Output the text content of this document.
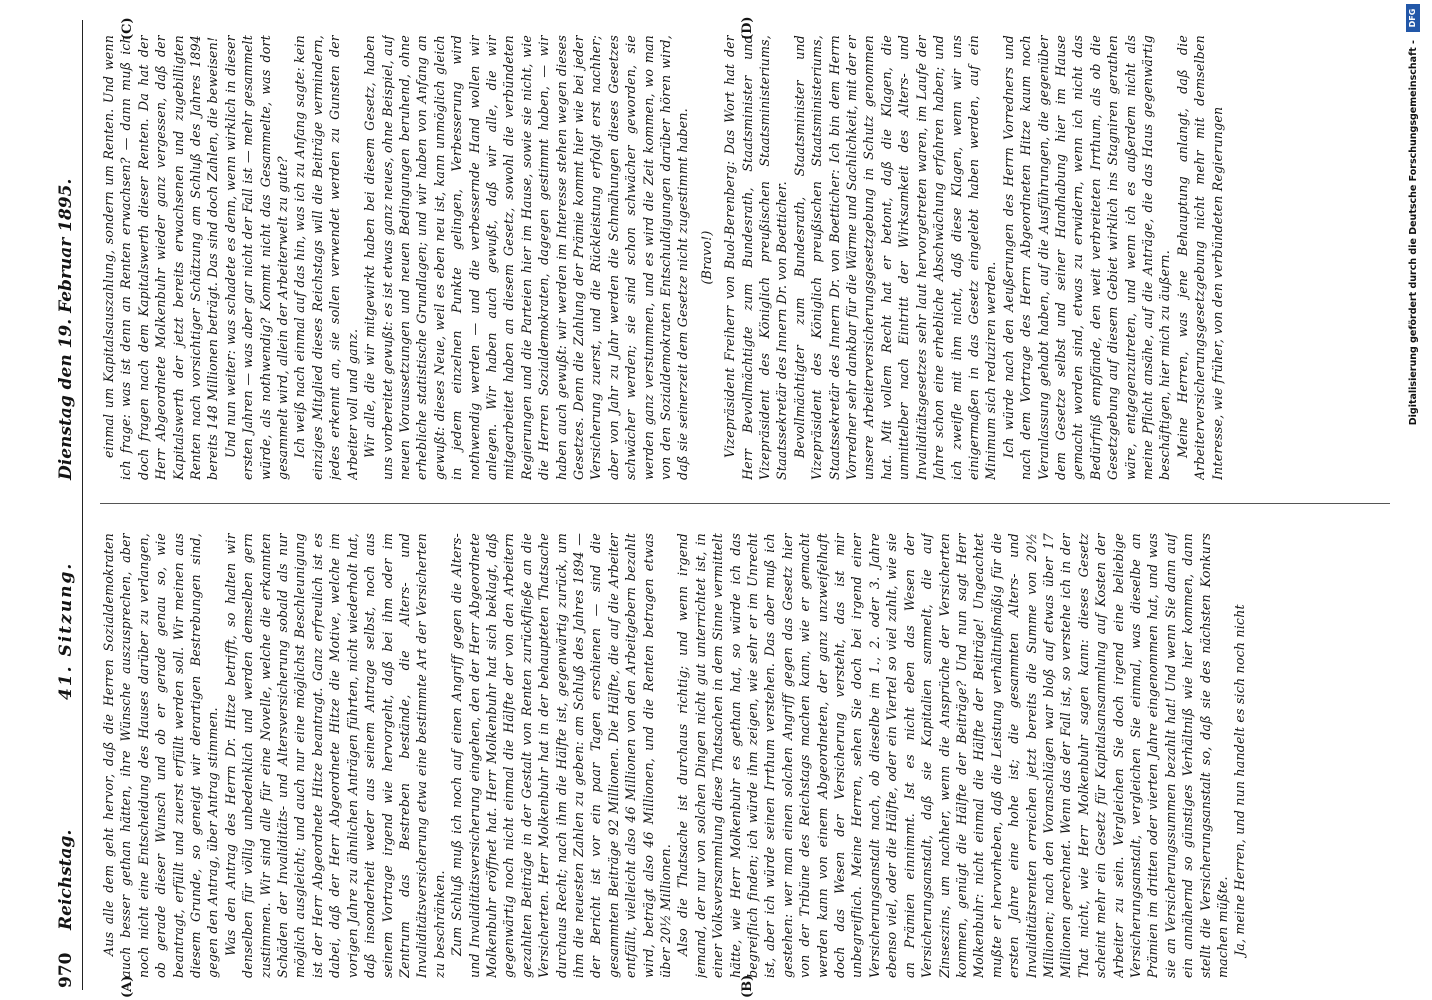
970
Reichstag.
41. Sitzung.
Dienstag den 19. Februar 1895.
(A)	(B)
(C)	(D)

Aus alle dem geht hervor, daß die Herren Sozialdemokraten auch besser gethan hätten, ihre Wünsche auszusprechen, aber noch nicht eine Entscheidung des Hauses darüber zu verlangen, ob gerade dieser Wunsch und ob er gerade genau so, wie beantragt, erfüllt und zuerst erfüllt werden soll. Wir meinen aus diesem Grunde, so geneigt wir derartigen Bestrebungen sind, gegen den Antrag, über Antrag stimmen. Was den Antrag des Herrn Dr. Hitze betrifft, so halten wir denselben für völlig unbedenklich und werden demselben gern zustimmen. Wir sind alle für eine Novelle, welche die erkannten Schäden der Invaliditäts- und Altersversicherung sobald als nur möglich ausgleicht; und auch nur eine möglichst Beschleunigung ist der Herr Abgeordnete Hitze beantragt. Ganz erfreulich ist es dabei, daß der Herr Abgeordnete Hitze die Motive, welche im vorigen Jahre zu ähnlichen Anträgen führten, nicht wiederholt hat, daß insonderheit weder aus seinem Antrage selbst, noch aus seinem Vortrage irgend wie hervorgeht, daß bei ihm oder im Zentrum das Bestreben bestände, die Alters- und Invaliditätsversicherung etwa eine bestimmte Art der Versicherten zu beschränken. Zum Schluß muß ich noch auf einen Angriff gegen die Alters- und Invaliditätsversicherung eingehen, den der Herr Abgeordnete Molkenbuhr eröffnet hat. Herr Molkenbuhr hat sich beklagt, daß gegenwärtig noch nicht einmal die Hälfte der von den Arbeitern gezahlten Beiträge in der Gestalt von Renten zurückfließe an die Versicherten. Herr Molkenbuhr hat in der behaupteten Thatsache durchaus Recht; nach ihm die Hälfte ist, gegenwärtig zurück, um ihm die neuesten Zahlen zu geben: am Schluß des Jahres 1894 — der Bericht ist vor ein paar Tagen erschienen — sind die gesammten Beiträge 92 Millionen. Die Hälfte, die auf die Arbeiter entfällt, vielleicht also 46 Millionen von den Arbeitgebern bezahlt wird, beträgt also 46 Millionen, und die Renten betragen etwas über 20½ Millionen. Also die Thatsache ist durchaus richtig; und wenn irgend jemand, der nur von solchen Dingen nicht gut unterrichtet ist, in einer Volksversammlung diese Thatsachen in dem Sinne vermittelt hätte, wie Herr Molkenbuhr es gethan hat, so würde ich das begreiflich finden; ich würde ihm zeigen, wie sehr er im Unrecht ist, aber ich würde seinen Irrthum verstehen. Das aber muß ich gestehen: wer man einen solchen Angriff gegen das Gesetz hier von der Tribüne des Reichstags machen kann, wie er gemacht werden kann von einem Abgeordneten, der ganz unzweifelhaft doch das Wesen der Versicherung versteht, das ist mir unbegreiflich. Meine Herren, sehen Sie doch bei irgend einer Versicherungsanstalt nach, ob dieselbe im 1., 2. oder 3. Jahre ebenso viel, oder die Hälfte, oder ein Viertel so viel zahlt, wie sie an Prämien einnimmt. Ist es nicht eben das Wesen der Versicherungsanstalt, daß sie Kapitalien sammelt, die auf Zinseszins, um nachher, wenn die Ansprüche der Versicherten kommen, genügt die Hälfte der Beiträge? Und nun sagt Herr Molkenbuhr: nicht einmal die Hälfte der Beiträge! Ungeachtet mußte er hervorheben, daß die Leistung verhältnißmäßig für die ersten Jahre eine hohe ist; die gesammten Alters- und Invaliditätsrenten erreichen jetzt bereits die Summe von 20½ Millionen; nach den Voranschlägen war bloß auf etwas über 17 Millionen gerechnet. Wenn das der Fall ist, so verstehe ich in der That nicht, wie Herr Molkenbuhr sagen kann: dieses Gesetz scheint mehr ein Gesetz für Kapitalsansammlung auf Kosten der Arbeiter zu sein. Vergleichen Sie doch irgend eine beliebige Versicherungsanstalt, vergleichen Sie einmal, was dieselbe an Prämien im dritten oder vierten Jahre eingenommen hat, und was sie an Versicherungssummen bezahlt hat! Und wenn Sie dann auf ein annähernd so günstiges Verhältniß wie hier kommen, dann stellt die Versicherungsanstalt so, daß sie des nächsten Konkurs machen müßte. Ja, meine Herren, und nun handelt es sich noch nicht

einmal um Kapitalsauszahlung, sondern um Renten. Und wenn ich frage: was ist denn an Renten erwachsen? — dann muß ich doch fragen nach dem Kapitalswerth dieser Renten. Da hat der Herr Abgeordnete Molkenbuhr wieder ganz vergessen, daß der Kapitalswerth der jetzt bereits erwachsenen und zugebilligten Renten nach vorsichtiger Schätzung am Schluß des Jahres 1894 bereits 148 Millionen beträgt. Das sind doch Zahlen, die beweisen! Und nun weiter: was schadete es denn, wenn wirklich in dieser ersten Jahren — was aber gar nicht der Fall ist — mehr gesammelt würde, als nothwendig? Kommt nicht das Gesammelte, was dort gesammelt wird, allein der Arbeiterwelt zu gute? Ich weiß nach einmal auf das hin, was ich zu Anfang sagte: kein einziges Mitglied dieses Reichstags will die Beiträge vermindern, jedes erkennt an, sie sollen verwendet werden zu Gunsten der Arbeiter voll und ganz. Wir alle, die wir mitgewirkt haben bei diesem Gesetz, haben uns vorbereitet gewußt: es ist etwas ganz neues, ohne Beispiel, auf neuen Voraussetzungen und neuen Bedingungen beruhend, ohne erhebliche statistische Grundlagen; und wir haben von Anfang an gewußt: dieses Neue, weil es eben neu ist, kann unmöglich gleich in jedem einzelnen Punkte gelingen, Verbesserung wird nothwendig werden — und die verbessernde Hand wollen wir anlegen. Wir haben auch gewußt, daß wir alle, die wir mitgearbeitet haben an diesem Gesetz, sowohl die verbündeten Regierungen und die Parteien hier im Hause, sowie sie nicht, wie die Herren Sozialdemokraten, dagegen gestimmt haben, — wir haben auch gewußt: wir werden im Interesse stehen wegen dieses Gesetzes. Denn die Zahlung der Prämie kommt hier wie bei jeder Versicherung zuerst, und die Rückleistung erfolgt erst nachher; aber von Jahr zu Jahr werden die Schmähungen dieses Gesetzes schwächer werden; sie sind schon schwächer geworden, sie werden ganz verstummen, und es wird die Zeit kommen, wo man von den Sozialdemokraten Entschuldigungen darüber hören wird, daß sie seinerzeit dem Gesetze nicht zugestimmt haben. (Bravo!) Vizepräsident Freiherr von Buol-Berenberg: Das Wort hat der Herr Bevollmächtigte zum Bundesrath, Staatsminister und Vizepräsident des Königlich preußischen Staatsministeriums, Staatssekretär des Innern Dr. von Boetticher. Bevollmächtigter zum Bundesrath, Staatsminister und Vizepräsident des Königlich preußischen Staatsministeriums, Staatssekretär des Innern Dr. von Boetticher: Ich bin dem Herrn Vorredner sehr dankbar für die Wärme und Sachlichkeit, mit der er unsere Arbeiterversicherungsgesetzgebung in Schutz genommen hat. Mit vollem Recht hat er betont, daß die Klagen, die unmittelber nach Eintritt der Wirksamkeit des Alters- und Invaliditätsgesetzes sehr laut hervorgetreten waren, im Laufe der Jahre schon eine erhebliche Abschwächung erfahren haben; und ich zweifle mit ihm nicht, daß diese Klagen, wenn wir uns einigermaßen in das Gesetz eingelebt haben werden, auf ein Minimum sich reduziren werden. Ich würde nach den Aeußerungen des Herrn Vorredners und nach dem Vortrage des Herrn Abgeordneten Hitze kaum noch Veranlassung gehabt haben, auf die Ausführungen, die gegenüber dem Gesetze selbst und seiner Handhabung hier im Hause gemacht worden sind, etwas zu erwidern, wenn ich nicht das Bedürfniß empfände, den weit verbreiteten Irrthum, als ob die Gesetzgebung auf diesem Gebiet wirklich ins Stagniren gerathen wäre, entgegenzutreten, und wenn ich es außerdem nicht als meine Pflicht ansähe, auf die Anträge, die das Haus gegenwärtig beschäftigen, hier mich zu äußern. Meine Herren, was jene Behauptung anlangt, daß die Arbeiterversicherungsgesetzgebung nicht mehr mit demselben Interesse, wie früher, von den verbündeten Regierungen	Digitalisierung gefördert durch die Deutsche Forschungsgemeinschaft -
DFG
